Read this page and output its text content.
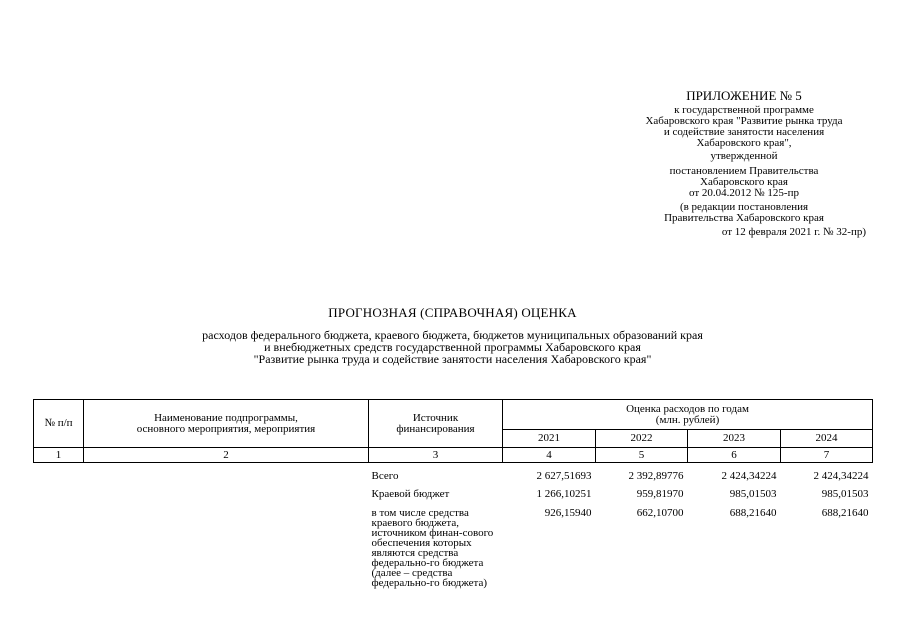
ПРИЛОЖЕНИЕ № 5
к государственной программе
Хабаровского края "Развитие рынка труда
и содействие занятости населения
Хабаровского края",
утвержденной
постановлением Правительства
Хабаровского края
от 20.04.2012 № 125-пр
(в редакции постановления
Правительства Хабаровского края
от 12 февраля 2021 г. № 32-пр)
ПРОГНОЗНАЯ (СПРАВОЧНАЯ) ОЦЕНКА
расходов федерального бюджета, краевого бюджета, бюджетов муниципальных образований края
и внебюджетных средств государственной программы Хабаровского края
"Развитие рынка труда и содействие занятости населения Хабаровского края"
№ п/п	Наименование подпрограммы, основного мероприятия, мероприятия	Источник финансирования	Оценка расходов по годам (млн. рублей)			
			2021	2022	2023	2024
1	2	3	4	5	6	7
		Всего	2 627,51693	2 392,89776	2 424,34224	2 424,34224
		Краевой бюджет	1 266,10251	959,81970	985,01503	985,01503
		в том числе средства краевого бюджета, источником финан-сового обеспечения которых являются средства федерально-го бюджета (далее – средства федерально-го бюджета)	926,15940	662,10700	688,21640	688,21640
